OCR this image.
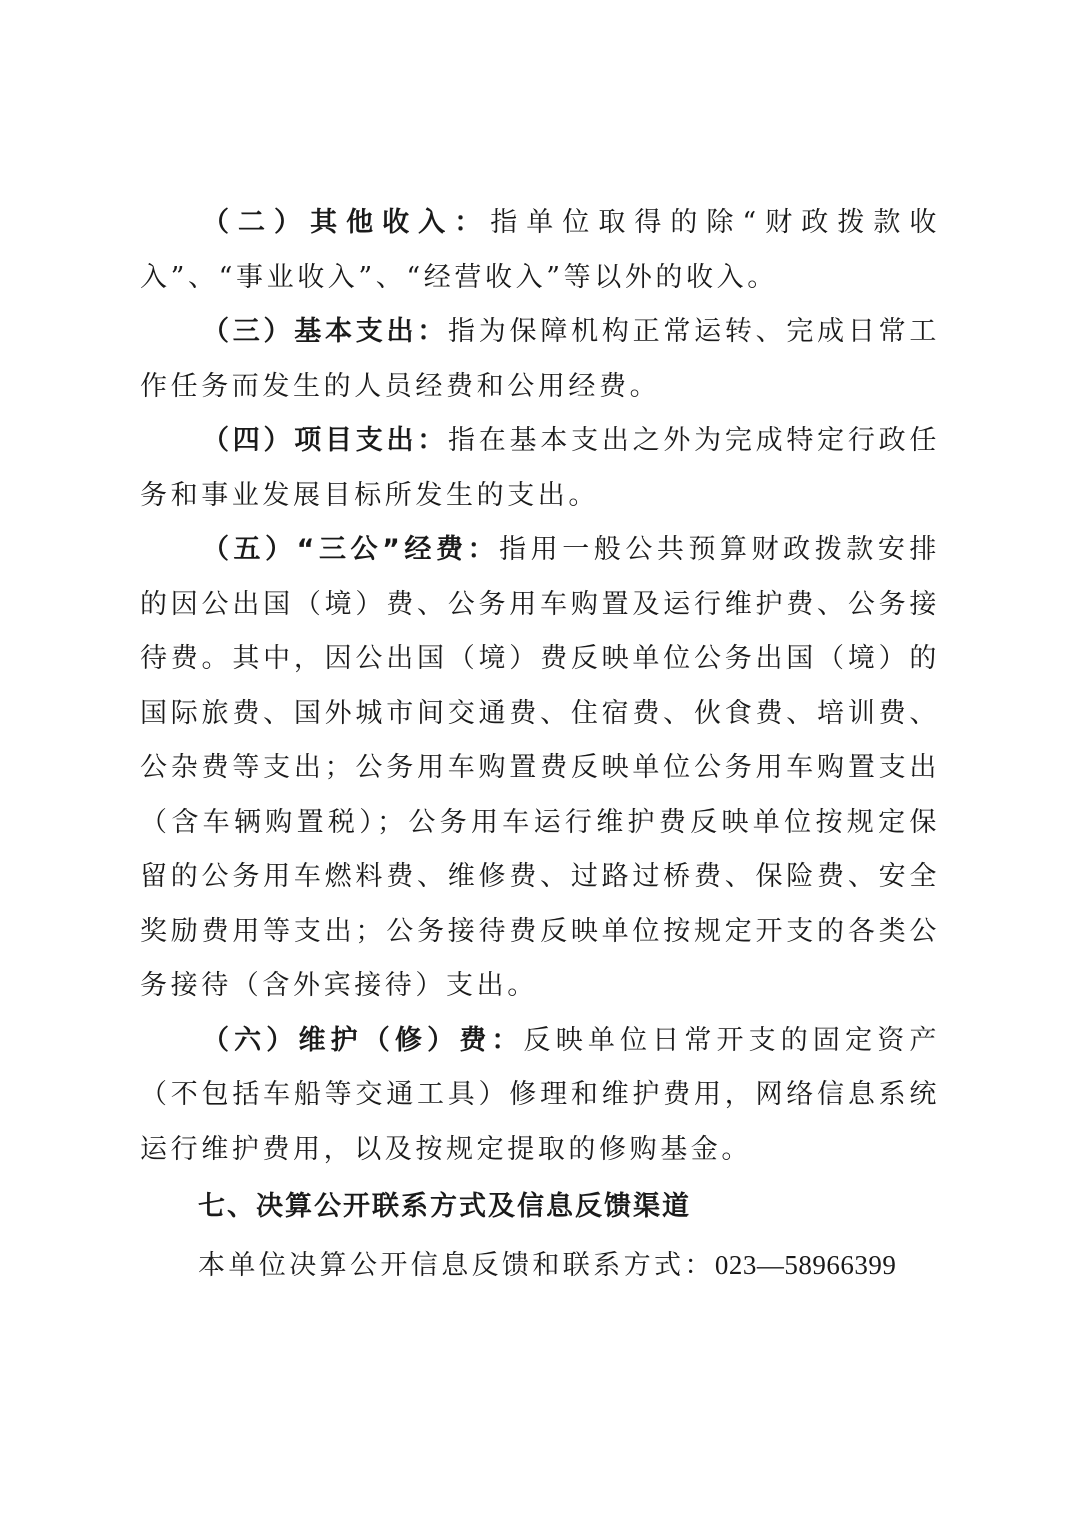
（二）其他收入：指单位取得的除“财政拨款收入”、“事业收入”、“经营收入”等以外的收入。

（三）基本支出：指为保障机构正常运转、完成日常工作任务而发生的人员经费和公用经费。

（四）项目支出：指在基本支出之外为完成特定行政任务和事业发展目标所发生的支出。

（五）“三公”经费：指用一般公共预算财政拨款安排的因公出国（境）费、公务用车购置及运行维护费、公务接待费。其中，因公出国（境）费反映单位公务出国（境）的国际旅费、国外城市间交通费、住宿费、伙食费、培训费、公杂费等支出；公务用车购置费反映单位公务用车购置支出（含车辆购置税）；公务用车运行维护费反映单位按规定保留的公务用车燃料费、维修费、过路过桥费、保险费、安全奖励费用等支出；公务接待费反映单位按规定开支的各类公务接待（含外宾接待）支出。

（六）维护（修）费：反映单位日常开支的固定资产（不包括车船等交通工具）修理和维护费用，网络信息系统运行维护费用，以及按规定提取的修购基金。

七、决算公开联系方式及信息反馈渠道

本单位决算公开信息反馈和联系方式：023—58966399
